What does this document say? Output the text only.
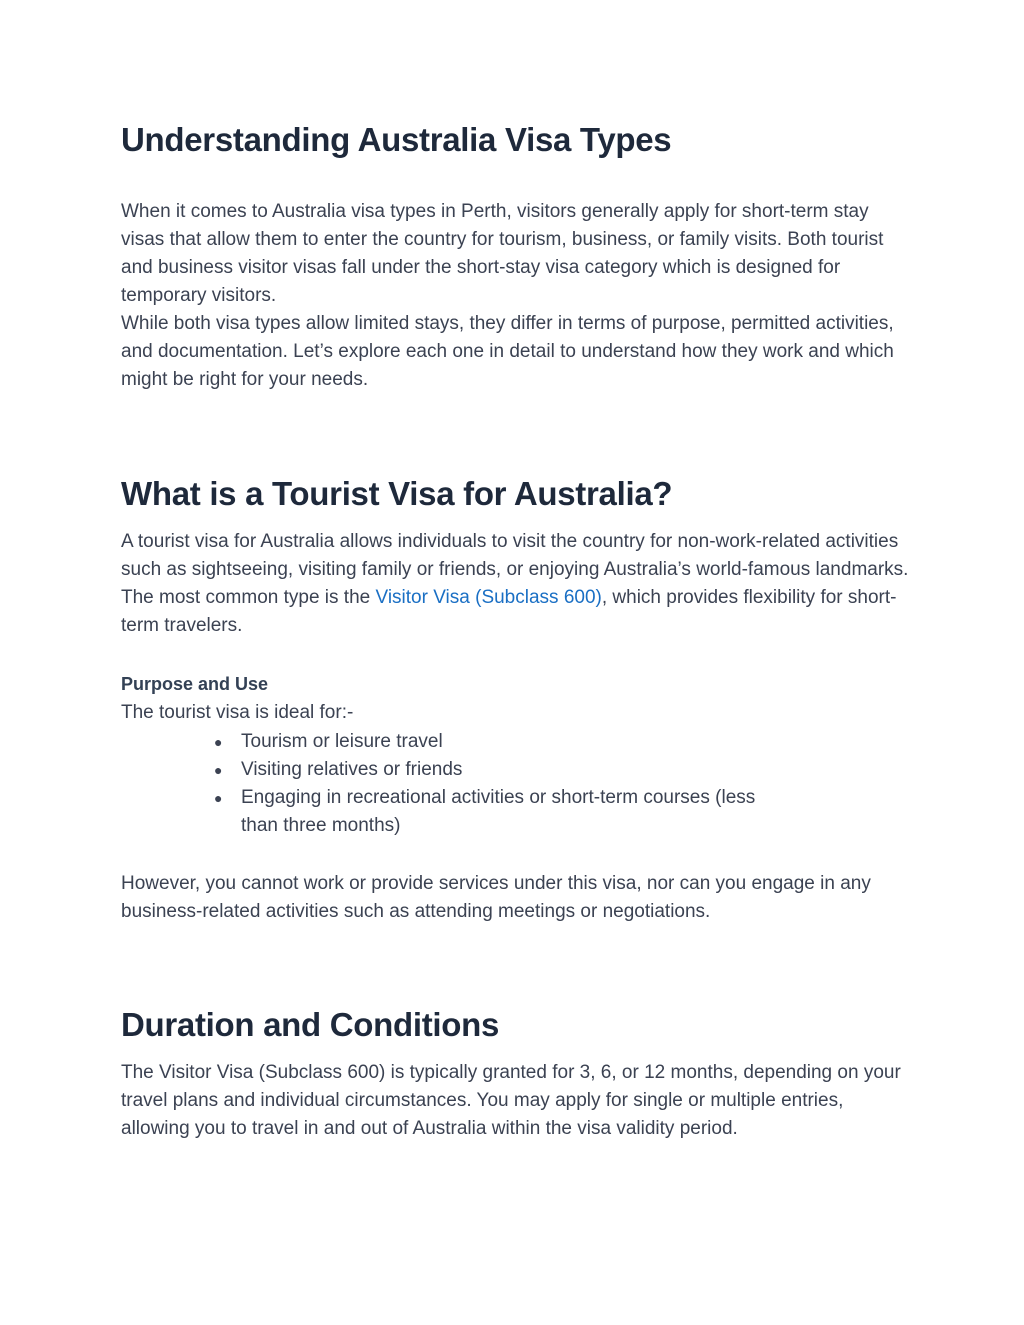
Understanding Australia Visa Types

When it comes to Australia visa types in Perth, visitors generally apply for short-term stay visas that allow them to enter the country for tourism, business, or family visits. Both tourist and business visitor visas fall under the short-stay visa category which is designed for temporary visitors.

While both visa types allow limited stays, they differ in terms of purpose, permitted activities, and documentation. Let’s explore each one in detail to understand how they work and which might be right for your needs.

What is a Tourist Visa for Australia?

A tourist visa for Australia allows individuals to visit the country for non-work-related activities such as sightseeing, visiting family or friends, or enjoying Australia’s world-famous landmarks. The most common type is the Visitor Visa (Subclass 600), which provides flexibility for short-term travelers.

Purpose and Use

The tourist visa is ideal for:-

● Tourism or leisure travel
● Visiting relatives or friends
● Engaging in recreational activities or short-term courses (less than three months)

However, you cannot work or provide services under this visa, nor can you engage in any business-related activities such as attending meetings or negotiations.

Duration and Conditions

The Visitor Visa (Subclass 600) is typically granted for 3, 6, or 12 months, depending on your travel plans and individual circumstances. You may apply for single or multiple entries, allowing you to travel in and out of Australia within the visa validity period.
